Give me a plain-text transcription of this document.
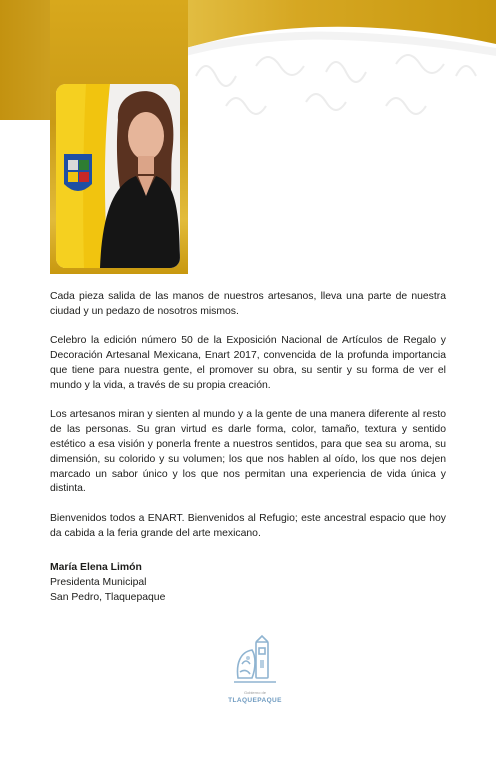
Cada pieza salida de las manos de nuestros artesanos, lleva una parte de nuestra ciudad y un pedazo de nosotros mismos.

Celebro la edición número 50 de la Exposición Nacional de Artículos de Regalo y Decoración Artesanal Mexicana, Enart 2017, convencida de la profunda importancia que tiene para nuestra gente, el promover su obra, su sentir y su forma de ver el mundo y la vida, a través de su propia creación.

Los artesanos miran y sienten al mundo y a la gente de una manera diferente al resto de las personas. Su gran virtud es darle forma, color, tamaño, textura y sentido estético a esa visión y ponerla frente a nuestros sentidos, para que sea su aroma, su dimensión, su colorido y su volumen; los que nos hablen al oído, los que nos dejen marcado un sabor único y los que nos permitan una experiencia de vida única y distinta.

Bienvenidos todos a ENART. Bienvenidos al Refugio; este ancestral espacio que hoy da cabida a la feria grande del arte mexicano.

María Elena Limón
Presidenta Municipal
San Pedro, Tlaquepaque
Gobierno de
TLAQUEPAQUE
